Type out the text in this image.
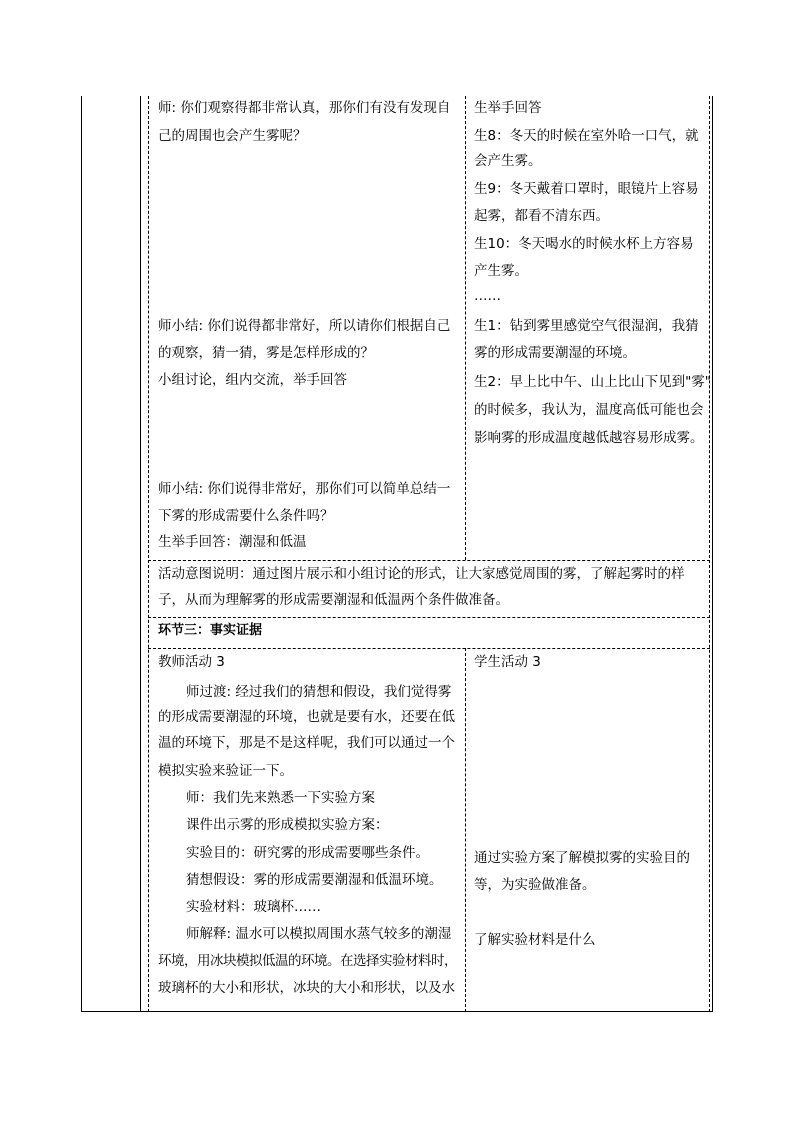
师: 你们观察得都非常认真，那你们有没有发现自
己的周围也会产生雾呢？
生举手回答
生8：冬天的时候在室外哈一口气，就
会产生雾。
生9：冬天戴着口罩时，眼镜片上容易
起雾，都看不清东西。
生10：冬天喝水的时候水杯上方容易
产生雾。
……
师小结: 你们说得都非常好，所以请你们根据自己
的观察，猜一猜，雾是怎样形成的？
小组讨论，组内交流，举手回答
生1：钻到雾里感觉空气很湿润，我猜
雾的形成需要潮湿的环境。
生2：早上比中午、山上比山下见到"雾"
的时候多，我认为，温度高低可能也会
影响雾的形成温度越低越容易形成雾。
师小结: 你们说得非常好，那你们可以简单总结一
下雾的形成需要什么条件吗？
生举手回答：潮湿和低温
活动意图说明：通过图片展示和小组讨论的形式，让大家感觉周围的雾，了解起雾时的样
子，从而为理解雾的形成需要潮湿和低温两个条件做准备。
环节三：事实证据
教师活动 3
师过渡: 经过我们的猜想和假设，我们觉得雾
的形成需要潮湿的环境，也就是要有水，还要在低
温的环境下，那是不是这样呢，我们可以通过一个
模拟实验来验证一下。
师：我们先来熟悉一下实验方案
课件出示雾的形成模拟实验方案：
实验目的：研究雾的形成需要哪些条件。
猜想假设：雾的形成需要潮湿和低温环境。
实验材料：玻璃杯……
师解释: 温水可以模拟周围水蒸气较多的潮湿
环境，用冰块模拟低温的环境。在选择实验材料时，
玻璃杯的大小和形状，冰块的大小和形状，以及水
学生活动 3
通过实验方案了解模拟雾的实验目的
等，为实验做准备。
了解实验材料是什么
